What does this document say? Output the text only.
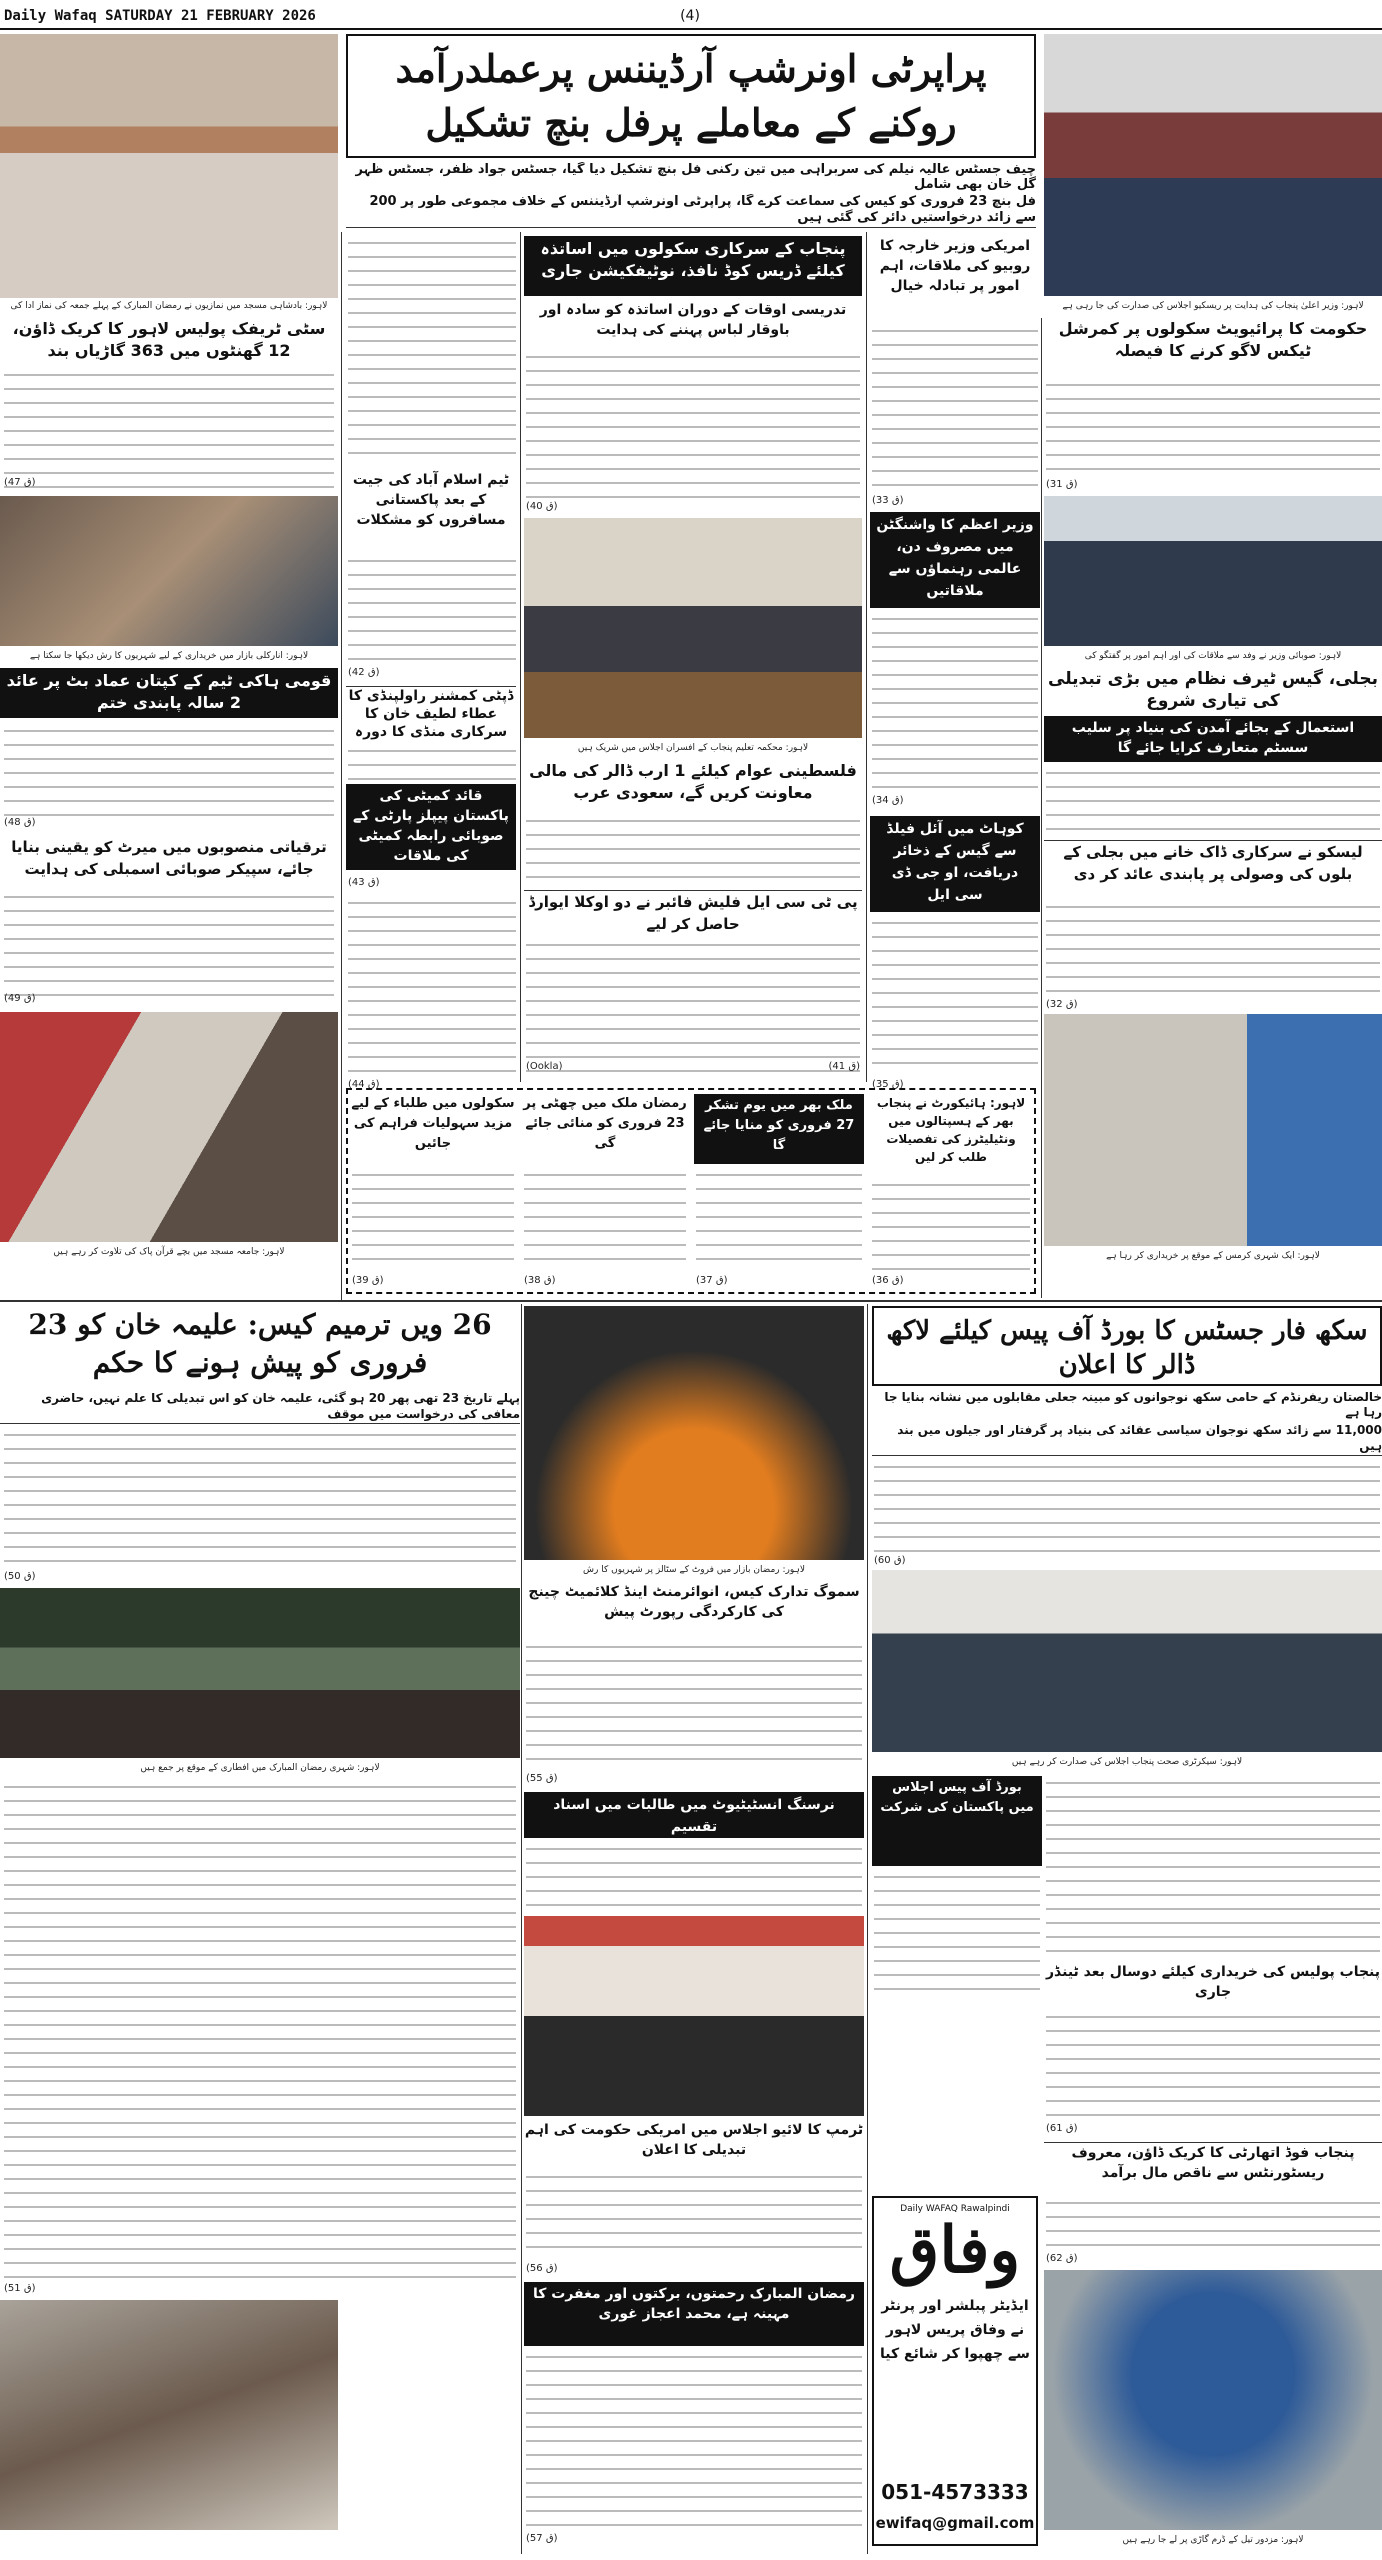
Daily Wafaq SATURDAY 21 FEBRUARY 2026	(4)
لاہور: بادشاہی مسجد میں نمازیوں نے رمضان المبارک کے پہلے جمعہ کی نماز ادا کی
پراپرٹی اونرشپ آرڈیننس پرعملدرآمد روکنے کے معاملے پرفل بنچ تشکیل
چیف جسٹس عالیہ نیلم کی سربراہی میں تین رکنی فل بنچ تشکیل دیا گیا، جسٹس جواد ظفر، جسٹس ظہر گل خان بھی شامل
فل بنچ 23 فروری کو کیس کی سماعت کرے گا، پراپرٹی اونرشپ آرڈیننس کے خلاف مجموعی طور پر 200 سے زائد درخواستیں دائر کی گئی ہیں
لاہور: وزیر اعلیٰ پنجاب کی ہدایت پر ریسکیو اجلاس کی صدارت کی جا رہی ہے
سٹی ٹریفک پولیس لاہور کا کریک ڈاؤن، 12 گھنٹوں میں 363 گاڑیاں بند
(ق 47)
لاہور: انارکلی بازار میں خریداری کے لیے شہریوں کا رش دیکھا جا سکتا ہے
قومی ہاکی ٹیم کے کپتان عماد بٹ پر عائد 2 سالہ پابندی ختم
(ق 48)
ترقیاتی منصوبوں میں میرٹ کو یقینی بنایا جائے، سپیکر صوبائی اسمبلی کی ہدایت
(ق 49)
لاہور: جامعہ مسجد میں بچے قرآن پاک کی تلاوت کر رہے ہیں
ٹیم اسلام آباد کی جیت کے بعد پاکستانی مسافروں کو مشکلات
(ق 42)
ڈپٹی کمشنر راولپنڈی کا عطاء لطیف خان کا سرکاری منڈی کا دورہ
(ق 43)
قائد کمیٹی کی پاکستان پیپلز پارٹی کے صوبائی رابطہ کمیٹی کی ملاقات
(ق 44)
پنجاب کے سرکاری سکولوں میں اساتذہ کیلئے ڈریس کوڈ نافذ، نوٹیفکیشن جاری
تدریسی اوقات کے دوران اساتذہ کو سادہ اور باوقار لباس پہننے کی ہدایت
(ق 40)
لاہور: محکمہ تعلیم پنجاب کے افسران اجلاس میں شریک ہیں
فلسطینی عوام کیلئے 1 ارب ڈالر کی مالی معاونت کریں گے، سعودی عرب
پی ٹی سی ایل فلیش فائبر نے دو اوکلا ایوارڈ حاصل کر لیے
(Ookla)	(ق 41)
امریکی وزیر خارجہ کا روبیو کی ملاقات، اہم امور پر تبادلہ خیال
(ق 33)
وزیر اعظم کا واشنگٹن میں مصروف دن، عالمی رہنماؤں سے ملاقاتیں
(ق 34)
کوہاٹ میں آئل فیلڈ سے گیس کے ذخائر دریافت، او جی ڈی سی ایل
(ق 35)
حکومت کا پرائیویٹ سکولوں پر کمرشل ٹیکس لاگو کرنے کا فیصلہ
(ق 31)
لاہور: صوبائی وزیر نے وفد سے ملاقات کی اور اہم امور پر گفتگو کی
بجلی، گیس ٹیرف نظام میں بڑی تبدیلی کی تیاری شروع
استعمال کے بجائے آمدن کی بنیاد پر سلیب سسٹم متعارف کرایا جائے گا
لیسکو نے سرکاری ڈاک خانے میں بجلی کے بلوں کی وصولی پر پابندی عائد کر دی
(ق 32)
لاہور: ایک شہری کرمس کے موقع پر خریداری کر رہا ہے
لاہور: ہائیکورٹ نے پنجاب بھر کے ہسپتالوں میں ونٹیلیٹرز کی تفصیلات طلب کر لیں
(ق 36)
ملک بھر میں یوم تشکر 27 فروری کو منایا جائے گا
(ق 37)
رمضان ملک میں چھٹی پر 23 فروری کو منائی جائے گی
(ق 38)
سکولوں میں طلباء کے لیے مزید سہولیات فراہم کی جائیں
(ق 39)
26 ویں ترمیم کیس: علیمہ خان کو 23 فروری کو پیش ہونے کا حکم
پہلے تاریخ 23 تھی پھر 20 ہو گئی، علیمہ خان کو اس تبدیلی کا علم نہیں، حاضری معافی کی درخواست میں موقف
(ق 50)
لاہور: شہری رمضان المبارک میں افطاری کے موقع پر جمع ہیں
(ق 51)
لاہور: رمضان بازار میں فروٹ کے سٹالز پر شہریوں کا رش
سموگ تدارک کیس، انوائرمنٹ اینڈ کلائمیٹ چینج کی کارکردگی رپورٹ پیش
(ق 55)
نرسنگ انسٹیٹیوٹ میں طالبات میں اسناد تقسیم
ٹرمپ کا لائیو اجلاس میں امریکی حکومت کی اہم تبدیلی کا اعلان
(ق 56)
رمضان المبارک رحمتوں، برکتوں اور مغفرت کا مہینہ ہے، محمد اعجاز غوری
(ق 57)
سکھ فار جسٹس کا بورڈ آف پیس کیلئے لاکھ ڈالر کا اعلان
خالصتان ریفرنڈم کے حامی سکھ نوجوانوں کو مبینہ جعلی مقابلوں میں نشانہ بنایا جا رہا ہے
11,000 سے زائد سکھ نوجوان سیاسی عقائد کی بنیاد پر گرفتار اور جیلوں میں بند ہیں
(ق 60)
لاہور: سیکرٹری صحت پنجاب اجلاس کی صدارت کر رہے ہیں
بورڈ آف پیس اجلاس میں پاکستان کی شرکت
پنجاب پولیس کی خریداری کیلئے دوسال بعد ٹینڈر جاری
(ق 61)
پنجاب فوڈ اتھارٹی کا کریک ڈاؤن، معروف ریسٹورنٹس سے ناقص مال برآمد
(ق 62)
لاہور: مزدور تیل کے ڈرم گاڑی پر لے جا رہے ہیں
Daily WAFAQ Rawalpindi
وفاق
ایڈیٹر پبلشر اور پرنٹر نے وفاق پریس لاہور سے چھپوا کر شائع کیا
051-4573333
ewifaq@gmail.com
